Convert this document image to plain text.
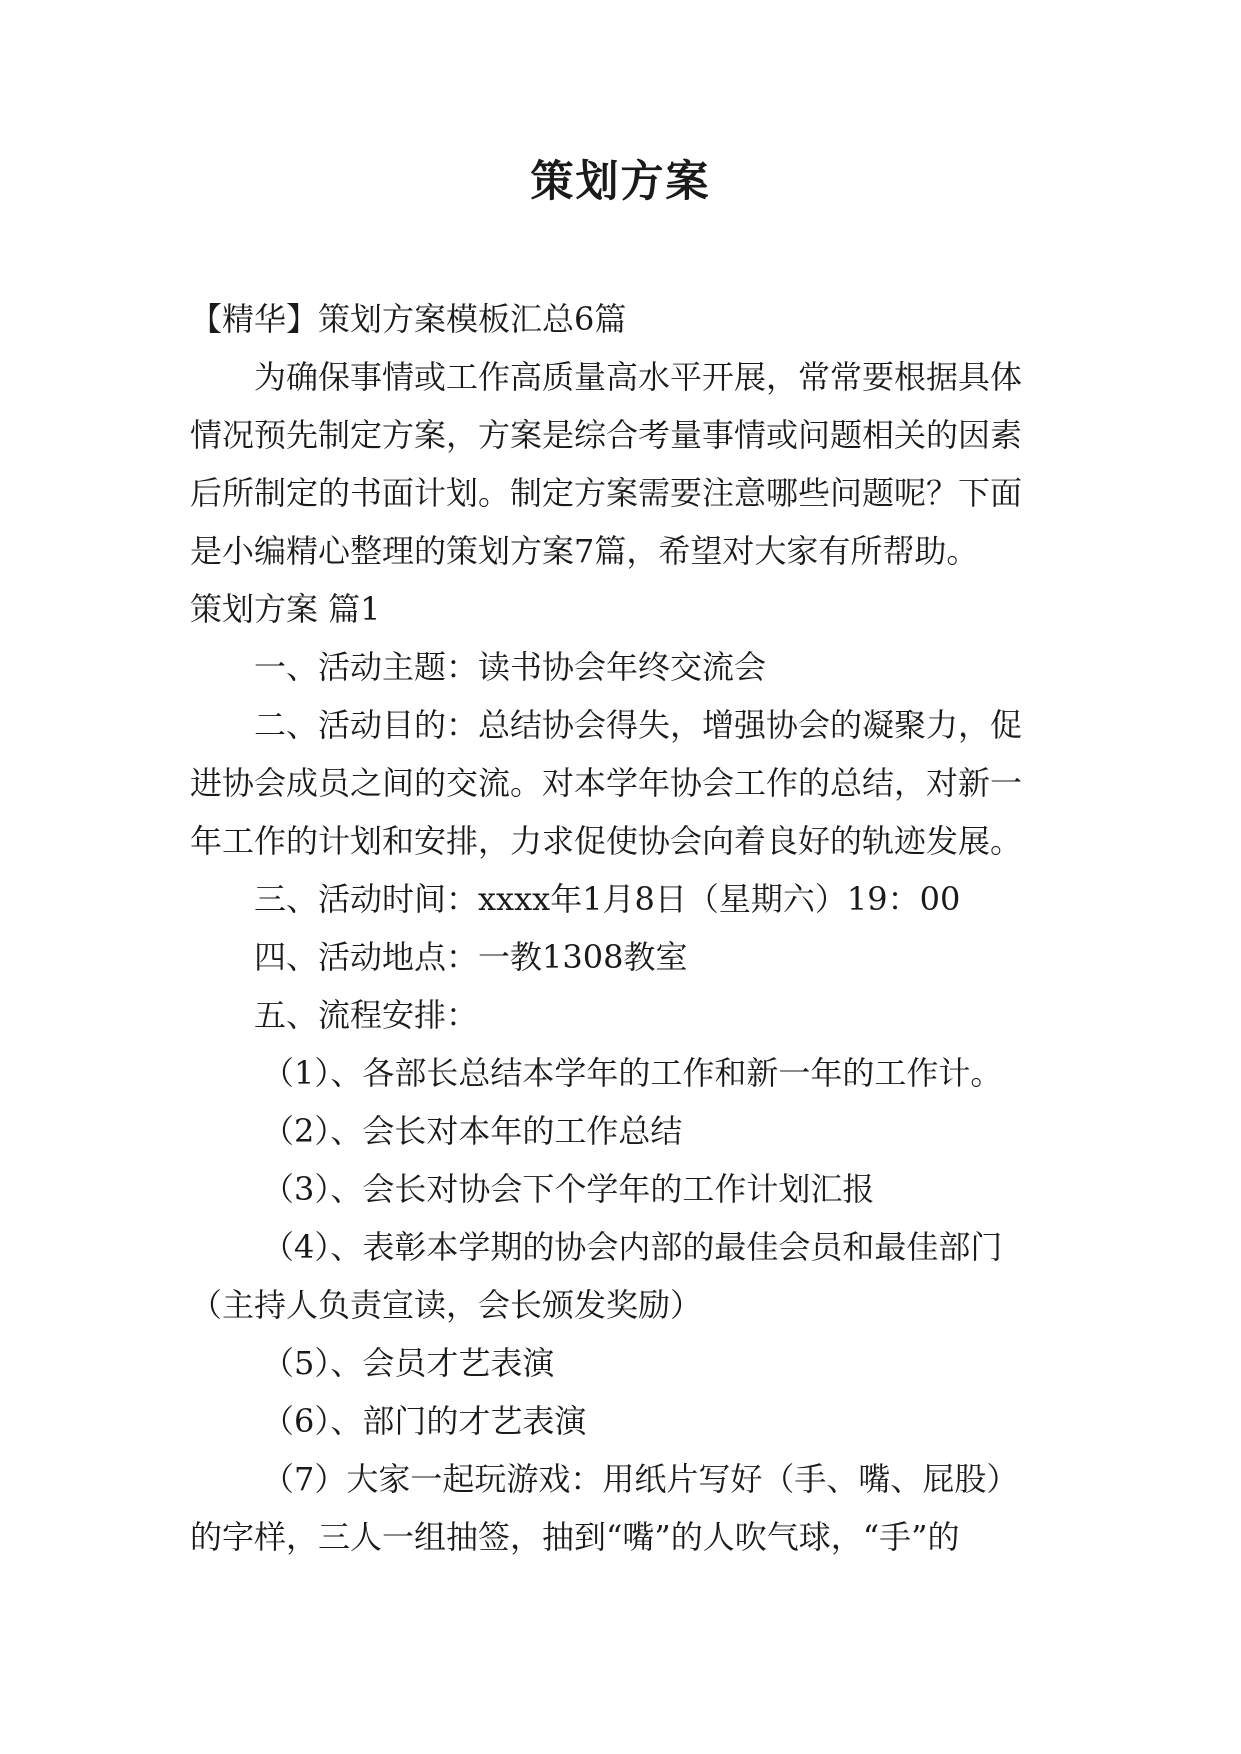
策划方案

【精华】策划方案模板汇总6篇

为确保事情或工作高质量高水平开展，常常要根据具体

情况预先制定方案，方案是综合考量事情或问题相关的因素

后所制定的书面计划。制定方案需要注意哪些问题呢？下面

是小编精心整理的策划方案7篇，希望对大家有所帮助。

策划方案 篇1

一、活动主题：读书协会年终交流会

二、活动目的：总结协会得失，增强协会的凝聚力，促

进协会成员之间的交流。对本学年协会工作的总结，对新一

年工作的计划和安排，力求促使协会向着良好的轨迹发展。

三、活动时间：xxxx年1月8日（星期六）19：00

四、活动地点：一教1308教室

五、流程安排：

（1）、各部长总结本学年的工作和新一年的工作计。

（2）、会长对本年的工作总结

（3）、会长对协会下个学年的工作计划汇报

（4）、表彰本学期的协会内部的最佳会员和最佳部门

（主持人负责宣读，会长颁发奖励）

（5）、会员才艺表演

（6）、部门的才艺表演

（7）大家一起玩游戏：用纸片写好（手、嘴、屁股）

的字样，三人一组抽签，抽到“嘴”的人吹气球，“手”的
